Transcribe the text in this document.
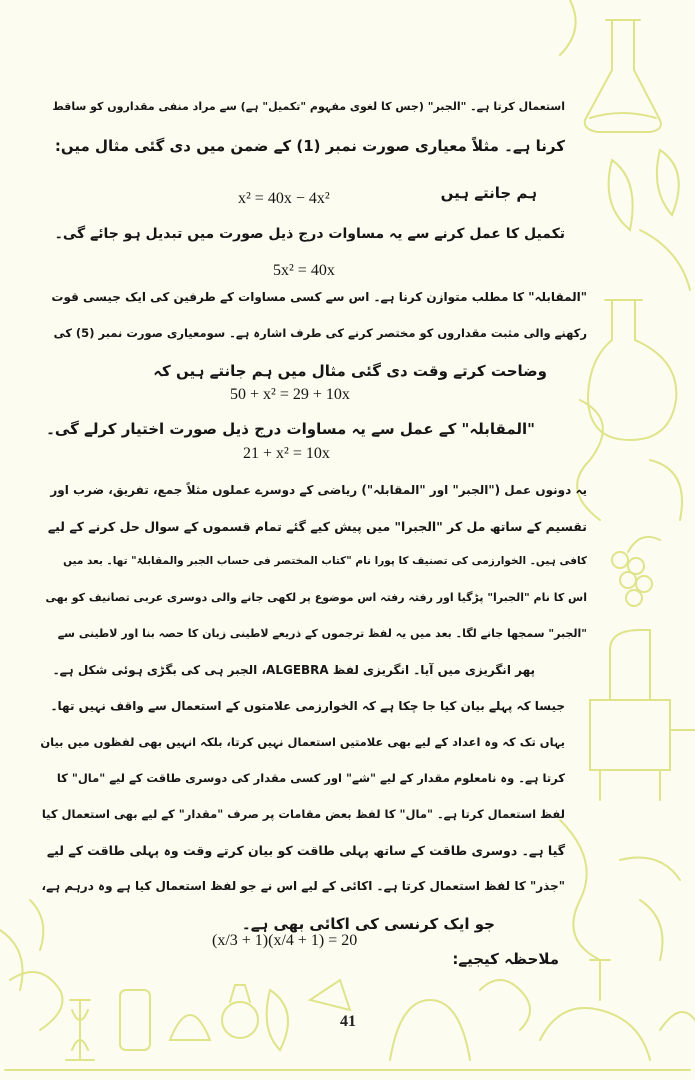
استعمال کرتا ہے۔ "الجبر" (جس کا لغوی مفہوم "تکمیل" ہے) سے مراد منفی مقداروں کو ساقط
کرنا ہے۔ مثلاً معیاری صورت نمبر (1) کے ضمن میں دی گئی مثال میں:
ہم جانتے ہیں
x² = 40x − 4x²
تکمیل کا عمل کرنے سے یہ مساوات درج ذیل صورت میں تبدیل ہو جائے گی۔
5x² = 40x
"المقابلہ" کا مطلب متوازن کرنا ہے۔ اس سے کسی مساوات کے طرفین کی ایک جیسی قوت
رکھنے والی مثبت مقداروں کو مختصر کرنے کی طرف اشارہ ہے۔ سومعیاری صورت نمبر (5) کی
وضاحت کرتے وقت دی گئی مثال میں ہم جانتے ہیں کہ
50 + x² = 29 + 10x
"المقابلہ" کے عمل سے یہ مساوات درج ذیل صورت اختیار کرلے گی۔
21 + x² = 10x
یہ دونوں عمل ("الجبر" اور "المقابلہ") ریاضی کے دوسرے عملوں مثلاً جمع، تفریق، ضرب اور
تقسیم کے ساتھ مل کر "الجبرا" میں پیش کیے گئے تمام قسموں کے سوال حل کرنے کے لیے
کافی ہیں۔ الخوارزمی کی تصنیف کا پورا نام "کتاب المختصر فی حساب الجبر والمقابلۃ" تھا۔ بعد میں
اس کا نام "الجبرا" پڑگیا اور رفتہ رفتہ اس موضوع پر لکھی جانے والی دوسری عربی تصانیف کو بھی
"الجبر" سمجھا جانے لگا۔ بعد میں یہ لفظ ترجموں کے ذریعے لاطینی زبان کا حصہ بنا اور لاطینی سے
پھر انگریزی میں آیا۔ انگریزی لفظ ALGEBRA، الجبر ہی کی بگڑی ہوئی شکل ہے۔
جیسا کہ پہلے بیان کیا جا چکا ہے کہ الخوارزمی علامتوں کے استعمال سے واقف نہیں تھا۔
یہاں تک کہ وہ اعداد کے لیے بھی علامتیں استعمال نہیں کرتا، بلکہ انہیں بھی لفظوں میں بیان
کرتا ہے۔ وہ نامعلوم مقدار کے لیے "شے" اور کسی مقدار کی دوسری طاقت کے لیے "مال" کا
لفظ استعمال کرتا ہے۔ "مال" کا لفظ بعض مقامات پر صرف "مقدار" کے لیے بھی استعمال کیا
گیا ہے۔ دوسری طاقت کے ساتھ پہلی طاقت کو بیان کرتے وقت وہ پہلی طاقت کے لیے
"جذر" کا لفظ استعمال کرتا ہے۔ اکائی کے لیے اس نے جو لفظ استعمال کیا ہے وہ درہم ہے،
جو ایک کرنسی کی اکائی بھی ہے۔
ملاحظہ کیجیے:
(x/3 + 1)(x/4 + 1) = 20
41
